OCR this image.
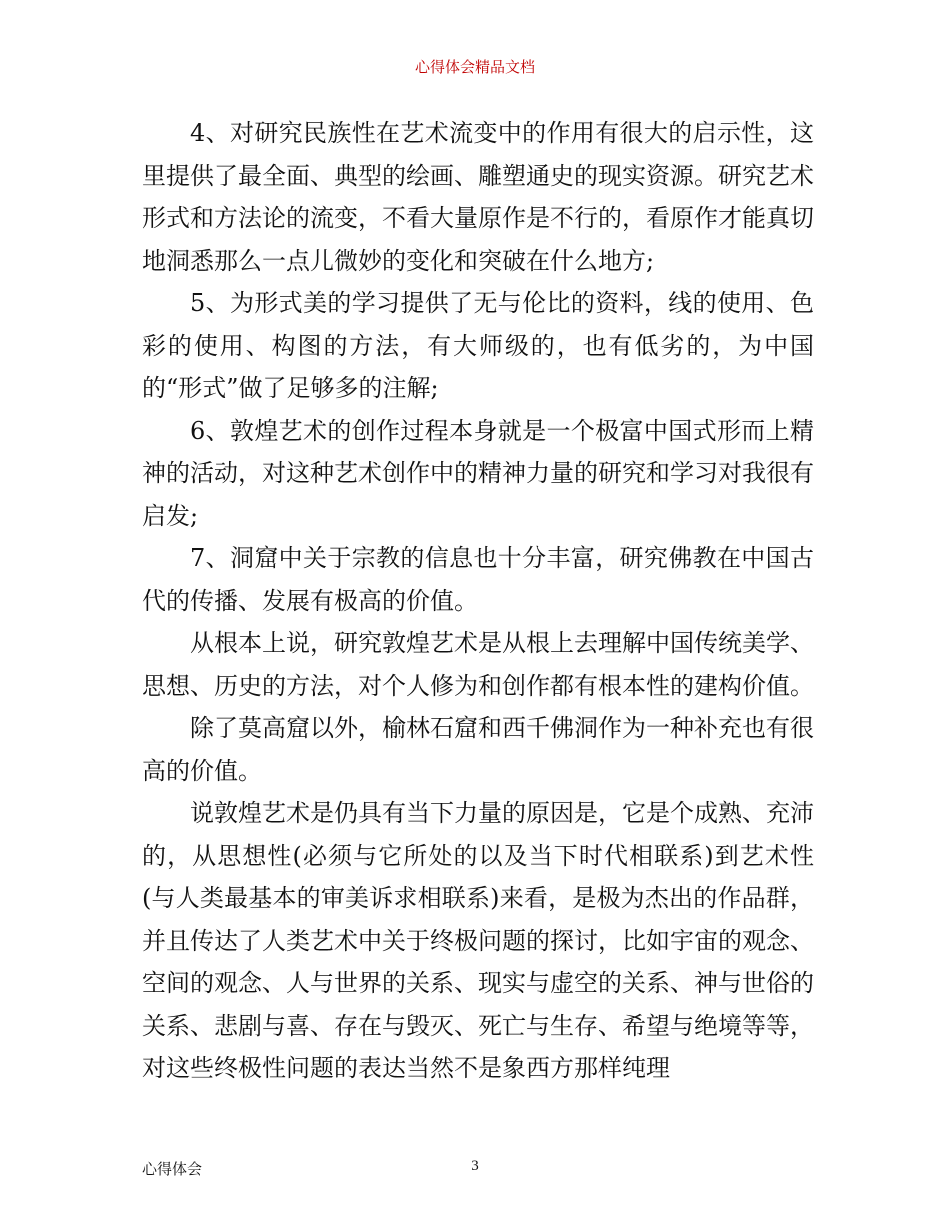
心得体会精品文档

4、对研究民族性在艺术流变中的作用有很大的启示性，这里提供了最全面、典型的绘画、雕塑通史的现实资源。研究艺术形式和方法论的流变，不看大量原作是不行的，看原作才能真切地洞悉那么一点儿微妙的变化和突破在什么地方;

5、为形式美的学习提供了无与伦比的资料，线的使用、色彩的使用、构图的方法，有大师级的，也有低劣的，为中国的“形式”做了足够多的注解;

6、敦煌艺术的创作过程本身就是一个极富中国式形而上精神的活动，对这种艺术创作中的精神力量的研究和学习对我很有启发;

7、洞窟中关于宗教的信息也十分丰富，研究佛教在中国古代的传播、发展有极高的价值。

从根本上说，研究敦煌艺术是从根上去理解中国传统美学、思想、历史的方法，对个人修为和创作都有根本性的建构价值。

除了莫高窟以外，榆林石窟和西千佛洞作为一种补充也有很高的价值。

说敦煌艺术是仍具有当下力量的原因是，它是个成熟、充沛的，从思想性(必须与它所处的以及当下时代相联系)到艺术性(与人类最基本的审美诉求相联系)来看，是极为杰出的作品群，并且传达了人类艺术中关于终极问题的探讨，比如宇宙的观念、空间的观念、人与世界的关系、现实与虚空的关系、神与世俗的关系、悲剧与喜、存在与毁灭、死亡与生存、希望与绝境等等，对这些终极性问题的表达当然不是象西方那样纯理

心得体会	3
